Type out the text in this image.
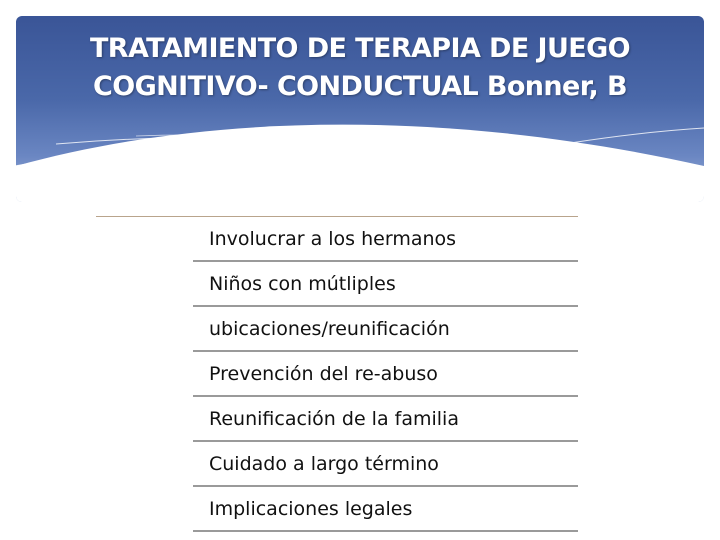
TRATAMIENTO DE TERAPIA DE JUEGO
COGNITIVO- CONDUCTUAL Bonner, B
Involucrar a los hermanos
Niños con mútliples
ubicaciones/reunificación
Prevención del re-abuso
Reunificación de la familia
Cuidado a largo término
Implicaciones legales
